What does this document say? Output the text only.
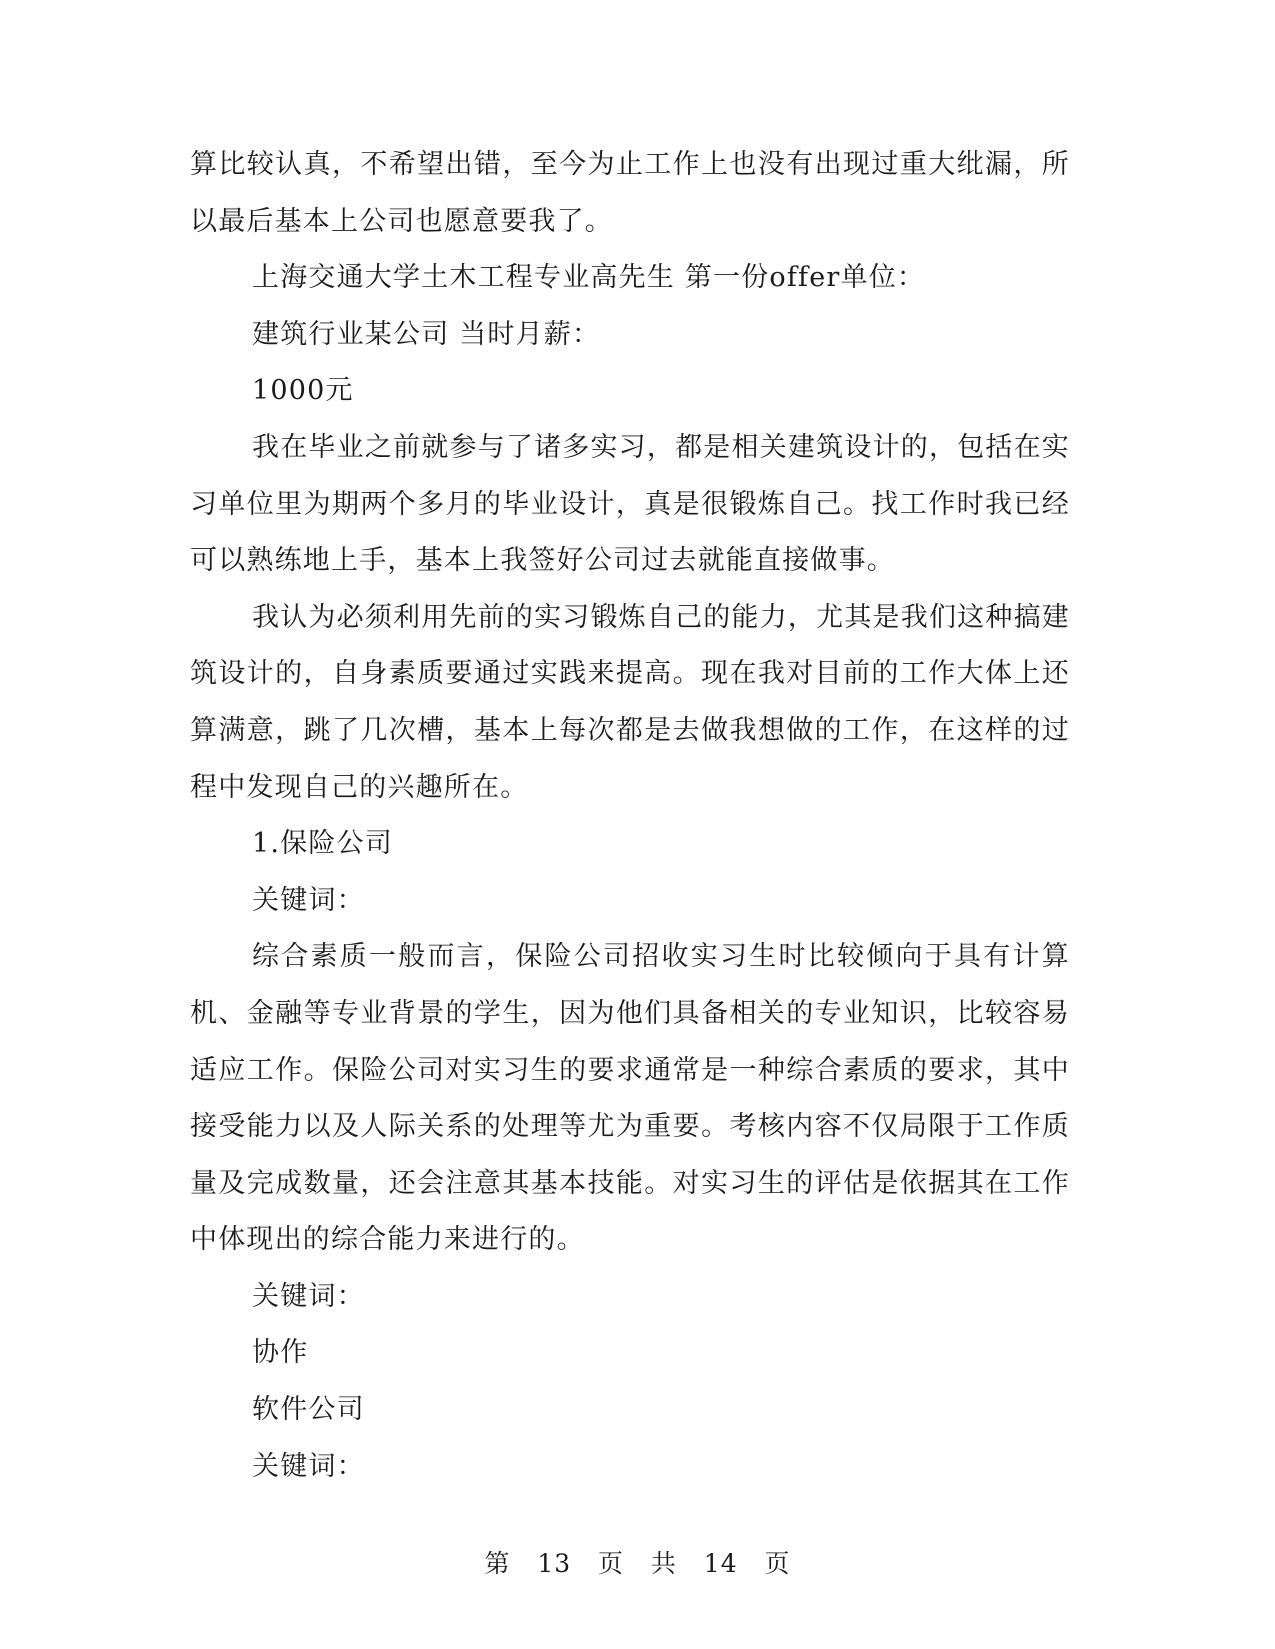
算比较认真，不希望出错，至今为止工作上也没有出现过重大纰漏，所以最后基本上公司也愿意要我了。

上海交通大学土木工程专业高先生 第一份offer单位：

建筑行业某公司 当时月薪：

1000元

我在毕业之前就参与了诸多实习，都是相关建筑设计的，包括在实习单位里为期两个多月的毕业设计，真是很锻炼自己。找工作时我已经可以熟练地上手，基本上我签好公司过去就能直接做事。

我认为必须利用先前的实习锻炼自己的能力，尤其是我们这种搞建筑设计的，自身素质要通过实践来提高。现在我对目前的工作大体上还算满意，跳了几次槽，基本上每次都是去做我想做的工作，在这样的过程中发现自己的兴趣所在。

1.保险公司

关键词：

综合素质一般而言，保险公司招收实习生时比较倾向于具有计算机、金融等专业背景的学生，因为他们具备相关的专业知识，比较容易适应工作。保险公司对实习生的要求通常是一种综合素质的要求，其中接受能力以及人际关系的处理等尤为重要。考核内容不仅局限于工作质量及完成数量，还会注意其基本技能。对实习生的评估是依据其在工作中体现出的综合能力来进行的。

关键词：

协作

软件公司

关键词：

第 13 页 共 14 页
